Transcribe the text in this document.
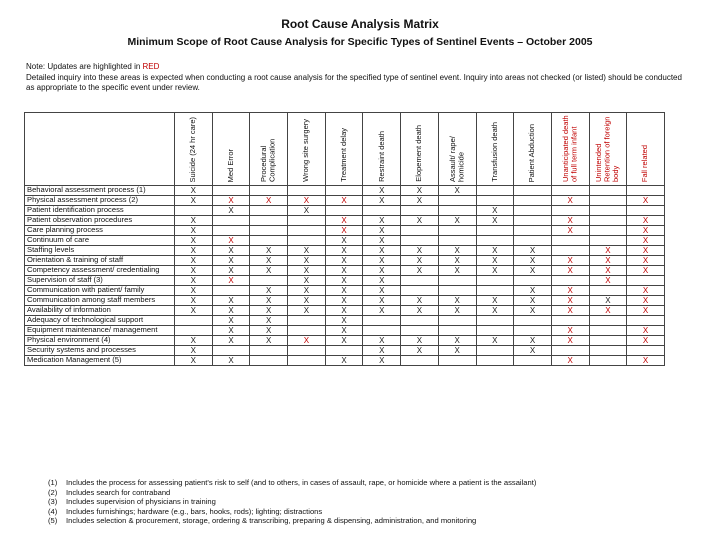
Root Cause Analysis Matrix
Minimum Scope of Root Cause Analysis for Specific Types of Sentinel Events – October 2005
Note: Updates are highlighted in RED
Detailed inquiry into these areas is expected when conducting a root cause analysis for the specified type of sentinel event. Inquiry into areas not checked (or listed) should be conducted as appropriate to the specific event under review.

	Suicide (24 hr care)	Med Error	Procedural Complication	Wrong site surgery	Treatment delay	Restraint death	Elopement death	Assault/ rape/ homicide	Transfusion death	Patient Abduction	Unanticipated death of full term infant	Unintended Retention of foreign body	Fall related

Behavioral assessment process (1)	X					X	X	X					
Physical assessment process (2)	X	X	X	X	X	X	X				X		X
Patient identification process		X		X					X				
Patient observation procedures	X				X	X	X	X	X		X		X
Care planning process	X				X	X					X		X
Continuum of care	X	X			X	X							X
Staffing levels	X	X	X	X	X	X	X	X	X	X		X	X
Orientation & training of staff	X	X	X	X	X	X	X	X	X	X	X	X	X
Competency assessment/ credentialing	X	X	X	X	X	X	X	X	X	X	X	X	X
Supervision of staff (3)	X	X		X	X	X						X	
Communication with patient/ family	X		X	X	X	X				X	X		X
Communication among staff members	X	X	X	X	X	X	X	X	X	X	X	X	X
Availability of information	X	X	X	X	X	X	X	X	X	X	X	X	X
Adequacy of technological support		X	X		X								
Equipment maintenance/ management		X	X		X						X		X
Physical environment (4)	X	X	X	X	X	X	X	X	X	X	X		X
Security systems and processes	X					X	X	X		X			
Medication Management (5)	X	X			X	X					X		X
(1) Includes the process for assessing patient's risk to self (and to others, in cases of assault, rape, or homicide where a patient is the assailant)
(2) Includes search for contraband
(3) Includes supervision of physicians in training
(4) Includes furnishings; hardware (e.g., bars, hooks, rods); lighting; distractions
(5) Includes selection & procurement, storage, ordering & transcribing, preparing & dispensing, administration, and monitoring
